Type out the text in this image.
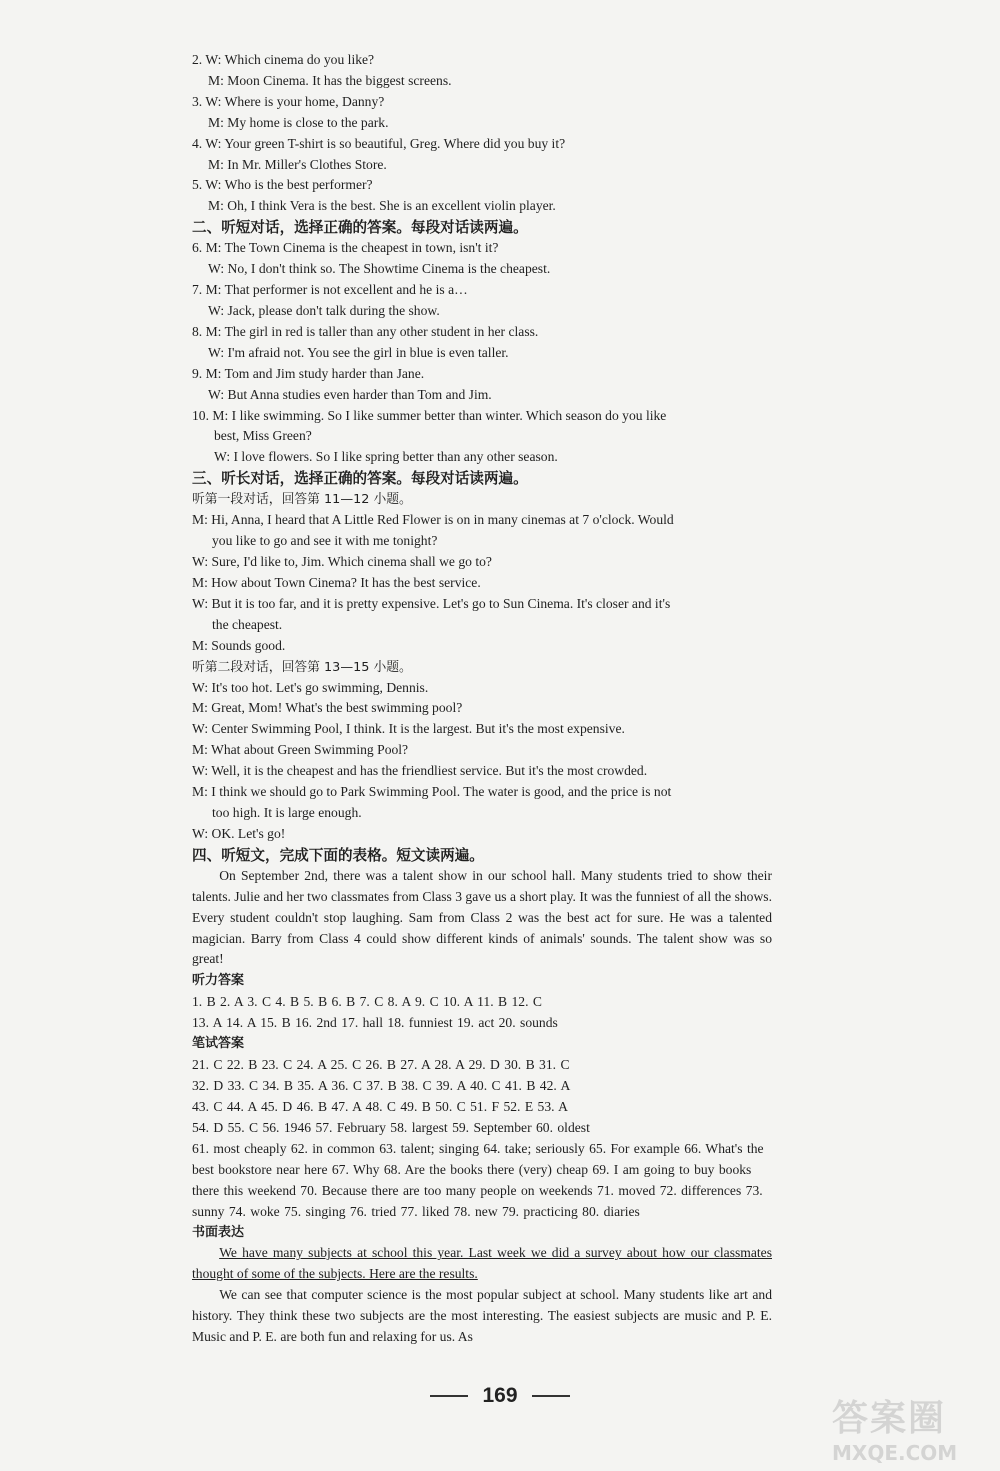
2. W: Which cinema do you like?
M: Moon Cinema. It has the biggest screens.
3. W: Where is your home, Danny?
M: My home is close to the park.
4. W: Your green T-shirt is so beautiful, Greg. Where did you buy it?
M: In Mr. Miller's Clothes Store.
5. W: Who is the best performer?
M: Oh, I think Vera is the best. She is an excellent violin player.
二、听短对话，选择正确的答案。每段对话读两遍。
6. M: The Town Cinema is the cheapest in town, isn't it?
W: No, I don't think so. The Showtime Cinema is the cheapest.
7. M: That performer is not excellent and he is a…
W: Jack, please don't talk during the show.
8. M: The girl in red is taller than any other student in her class.
W: I'm afraid not. You see the girl in blue is even taller.
9. M: Tom and Jim study harder than Jane.
W: But Anna studies even harder than Tom and Jim.
10. M: I like swimming. So I like summer better than winter. Which season do you like
best, Miss Green?
W: I love flowers. So I like spring better than any other season.
三、听长对话，选择正确的答案。每段对话读两遍。
听第一段对话，回答第 11—12 小题。
M: Hi, Anna, I heard that A Little Red Flower is on in many cinemas at 7 o'clock. Would
you like to go and see it with me tonight?
W: Sure, I'd like to, Jim. Which cinema shall we go to?
M: How about Town Cinema? It has the best service.
W: But it is too far, and it is pretty expensive. Let's go to Sun Cinema. It's closer and it's
the cheapest.
M: Sounds good.
听第二段对话，回答第 13—15 小题。
W: It's too hot. Let's go swimming, Dennis.
M: Great, Mom! What's the best swimming pool?
W: Center Swimming Pool, I think. It is the largest. But it's the most expensive.
M: What about Green Swimming Pool?
W: Well, it is the cheapest and has the friendliest service. But it's the most crowded.
M: I think we should go to Park Swimming Pool. The water is good, and the price is not
too high. It is large enough.
W: OK. Let's go!
四、听短文，完成下面的表格。短文读两遍。
On September 2nd, there was a talent show in our school hall. Many students tried to show their talents. Julie and her two classmates from Class 3 gave us a short play. It was the funniest of all the shows. Every student couldn't stop laughing. Sam from Class 2 was the best act for sure. He was a talented magician. Barry from Class 4 could show different kinds of animals' sounds. The talent show was so great!
听力答案
1. B 2. A 3. C 4. B 5. B 6. B 7. C 8. A 9. C 10. A 11. B 12. C
13. A 14. A 15. B 16. 2nd 17. hall 18. funniest 19. act 20. sounds
笔试答案
21. C 22. B 23. C 24. A 25. C 26. B 27. A 28. A 29. D 30. B 31. C
32. D 33. C 34. B 35. A 36. C 37. B 38. C 39. A 40. C 41. B 42. A
43. C 44. A 45. D 46. B 47. A 48. C 49. B 50. C 51. F 52. E 53. A
54. D 55. C 56. 1946 57. February 58. largest 59. September 60. oldest
61. most cheaply 62. in common 63. talent; singing 64. take; seriously 65. For example 66. What's the best bookstore near here 67. Why 68. Are the books there (very) cheap 69. I am going to buy books there this weekend 70. Because there are too many people on weekends 71. moved 72. differences 73. sunny 74. woke 75. singing 76. tried 77. liked 78. new 79. practicing 80. diaries
书面表达
We have many subjects at school this year. Last week we did a survey about how our classmates thought of some of the subjects. Here are the results.
We can see that computer science is the most popular subject at school. Many students like art and history. They think these two subjects are the most interesting. The easiest subjects are music and P. E. Music and P. E. are both fun and relaxing for us. As
169
答案圈
MXQE.COM
